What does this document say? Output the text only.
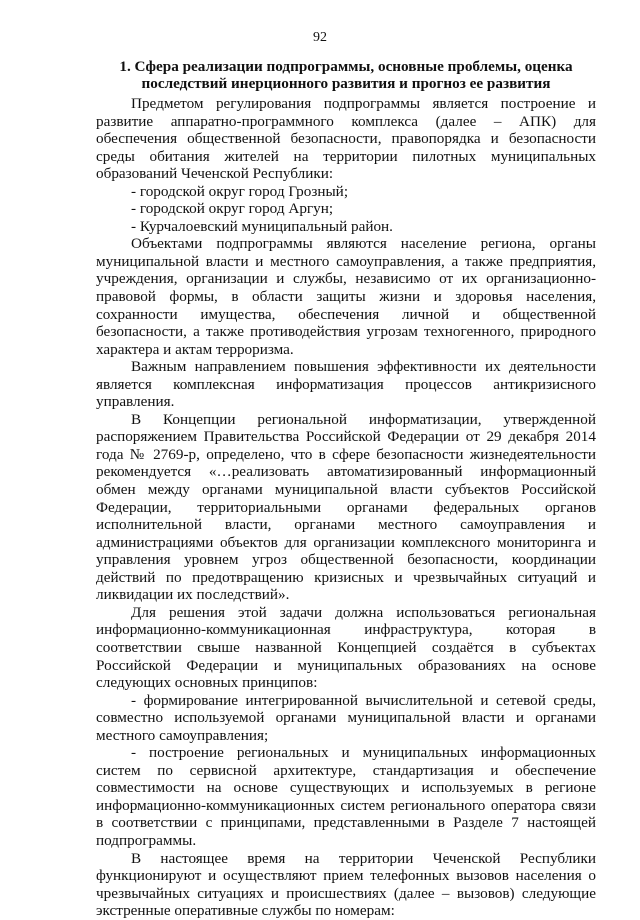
92
1. Сфера реализации подпрограммы, основные проблемы, оценка последствий инерционного развития и прогноз ее развития

Предметом регулирования подпрограммы является построение и развитие аппаратно-программного комплекса (далее – АПК) для обеспечения общественной безопасности, правопорядка и безопасности среды обитания жителей на территории пилотных муниципальных образований Чеченской Республики:

- городской округ город Грозный;

- городской округ город Аргун;

- Курчалоевский муниципальный район.

Объектами подпрограммы являются население региона, органы муниципальной власти и местного самоуправления, а также предприятия, учреждения, организации и службы, независимо от их организационно-правовой формы, в области защиты жизни и здоровья населения, сохранности имущества, обеспечения личной и общественной безопасности, а также противодействия угрозам техногенного, природного характера и актам терроризма.

Важным направлением повышения эффективности их деятельности является комплексная информатизация процессов антикризисного управления.

В Концепции региональной информатизации, утвержденной распоряжением Правительства Российской Федерации от 29 декабря 2014 года № 2769-р, определено, что в сфере безопасности жизнедеятельности рекомендуется «…реализовать автоматизированный информационный обмен между органами муниципальной власти субъектов Российской Федерации, территориальными органами федеральных органов исполнительной власти, органами местного самоуправления и администрациями объектов для организации комплексного мониторинга и управления уровнем угроз общественной безопасности, координации действий по предотвращению кризисных и чрезвычайных ситуаций и ликвидации их последствий».

Для решения этой задачи должна использоваться региональная информационно-коммуникационная инфраструктура, которая в соответствии свыше названной Концепцией создаётся в субъектах Российской Федерации и муниципальных образованиях на основе следующих основных принципов:

- формирование интегрированной вычислительной и сетевой среды, совместно используемой органами муниципальной власти и органами местного самоуправления;

- построение региональных и муниципальных информационных систем по сервисной архитектуре, стандартизация и обеспечение совместимости на основе существующих и используемых в регионе информационно-коммуникационных систем регионального оператора связи в соответствии с принципами, представленными в Разделе 7 настоящей подпрограммы.

В настоящее время на территории Чеченской Республики функционируют и осуществляют прием телефонных вызовов населения о чрезвычайных ситуациях и происшествиях (далее – вызовов) следующие экстренные оперативные службы по номерам:
